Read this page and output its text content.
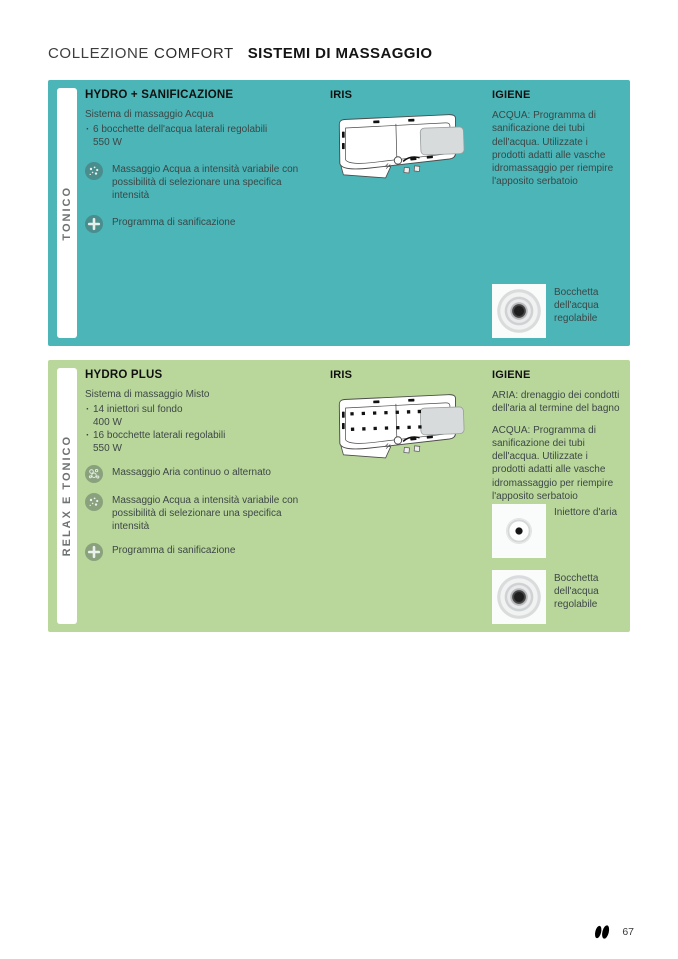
COLLEZIONE COMFORT SISTEMI DI MASSAGGIO
TONICO
HYDRO + SANIFICAZIONE

Sistema di massaggio Acqua

· 6 bocchette dell'acqua laterali regolabili
550 W
Massaggio Acqua a intensità variabile con possibilità di selezionare una specifica intensità
Programma di sanificazione
IRIS	IGIENE

ACQUA: Programma di sanificazione dei tubi dell'acqua. Utilizzate i prodotti adatti alle vasche idromassaggio per riempire l'apposito serbatoio

Bocchetta dell'acqua regolabile
RELAX E TONICO
HYDRO PLUS

Sistema di massaggio Misto

· 14 iniettori sul fondo
400 W
· 16 bocchette laterali regolabili
550 W
Massaggio Aria continuo o alternato
Massaggio Acqua a intensità variabile con possibilità di selezionare una specifica intensità
Programma di sanificazione
IRIS	IGIENE

ARIA: drenaggio dei condotti dell'aria al termine del bagno

ACQUA: Programma di sanificazione dei tubi dell'acqua. Utilizzate i prodotti adatti alle vasche idromassaggio per riempire l'apposito serbatoio

Iniettore d'aria
Bocchetta dell'acqua regolabile
67
